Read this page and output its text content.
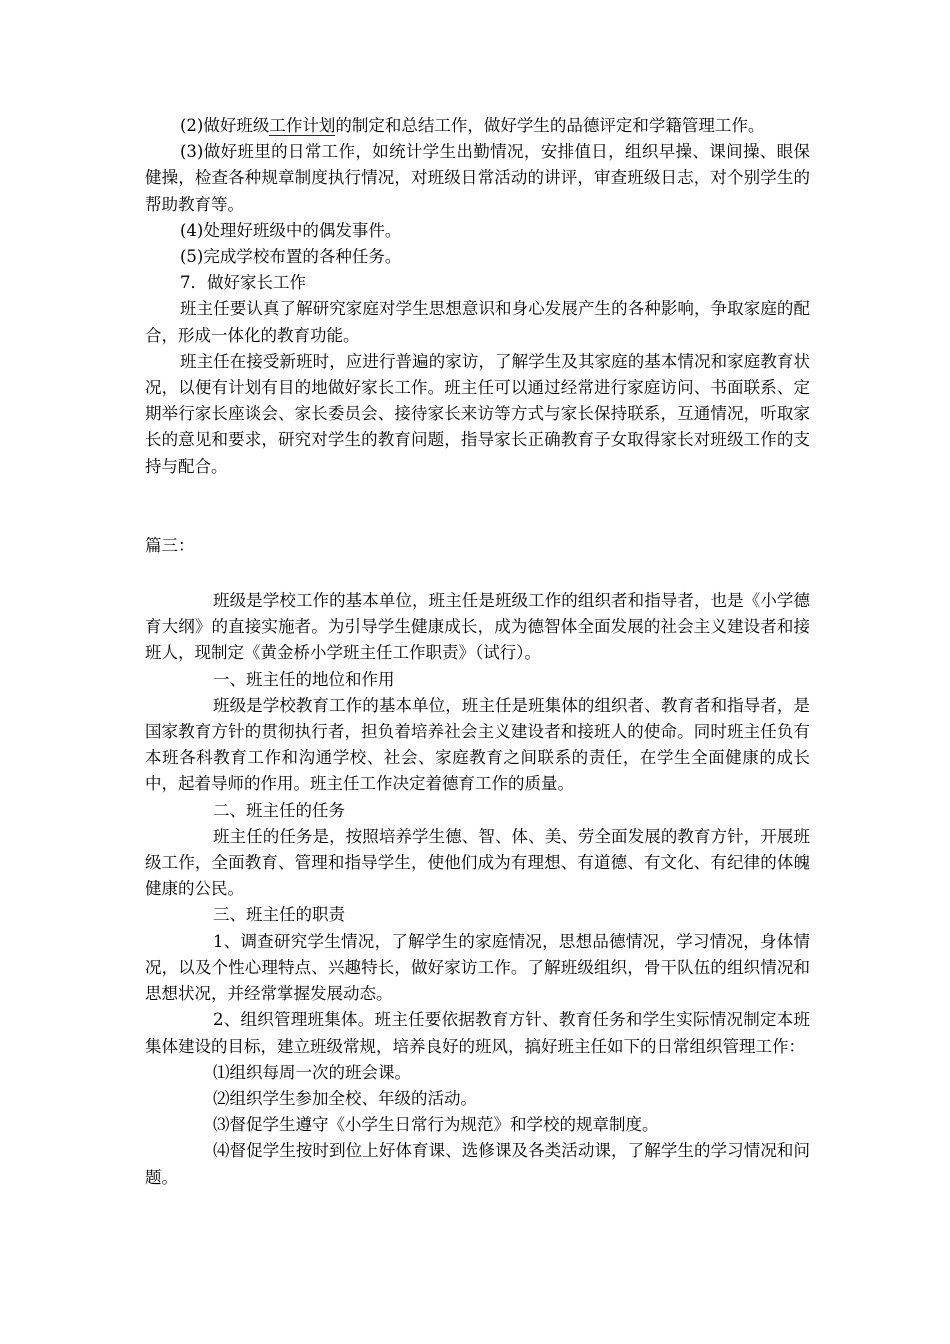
(2)做好班级工作计划的制定和总结工作，做好学生的品德评定和学籍管理工作。

(3)做好班里的日常工作，如统计学生出勤情况，安排值日，组织早操、课间操、眼保健操，检查各种规章制度执行情况，对班级日常活动的讲评，审查班级日志，对个别学生的帮助教育等。

(4)处理好班级中的偶发事件。

(5)完成学校布置的各种任务。

7．做好家长工作

班主任要认真了解研究家庭对学生思想意识和身心发展产生的各种影响，争取家庭的配合，形成一体化的教育功能。

班主任在接受新班时，应进行普遍的家访，了解学生及其家庭的基本情况和家庭教育状况，以便有计划有目的地做好家长工作。班主任可以通过经常进行家庭访问、书面联系、定期举行家长座谈会、家长委员会、接待家长来访等方式与家长保持联系，互通情况，听取家长的意见和要求，研究对学生的教育问题，指导家长正确教育子女取得家长对班级工作的支持与配合。

篇三：

班级是学校工作的基本单位，班主任是班级工作的组织者和指导者，也是《小学德育大纲》的直接实施者。为引导学生健康成长，成为德智体全面发展的社会主义建设者和接班人，现制定《黄金桥小学班主任工作职责》（试行）。

一、班主任的地位和作用

班级是学校教育工作的基本单位，班主任是班集体的组织者、教育者和指导者，是国家教育方针的贯彻执行者，担负着培养社会主义建设者和接班人的使命。同时班主任负有本班各科教育工作和沟通学校、社会、家庭教育之间联系的责任，在学生全面健康的成长中，起着导师的作用。班主任工作决定着德育工作的质量。

二、班主任的任务

班主任的任务是，按照培养学生德、智、体、美、劳全面发展的教育方针，开展班级工作，全面教育、管理和指导学生，使他们成为有理想、有道德、有文化、有纪律的体魄健康的公民。

三、班主任的职责

1、调查研究学生情况，了解学生的家庭情况，思想品德情况，学习情况，身体情况，以及个性心理特点、兴趣特长，做好家访工作。了解班级组织，骨干队伍的组织情况和思想状况，并经常掌握发展动态。

2、组织管理班集体。班主任要依据教育方针、教育任务和学生实际情况制定本班集体建设的目标，建立班级常规，培养良好的班风，搞好班主任如下的日常组织管理工作：

⑴组织每周一次的班会课。

⑵组织学生参加全校、年级的活动。

⑶督促学生遵守《小学生日常行为规范》和学校的规章制度。

⑷督促学生按时到位上好体育课、选修课及各类活动课，了解学生的学习情况和问题。
